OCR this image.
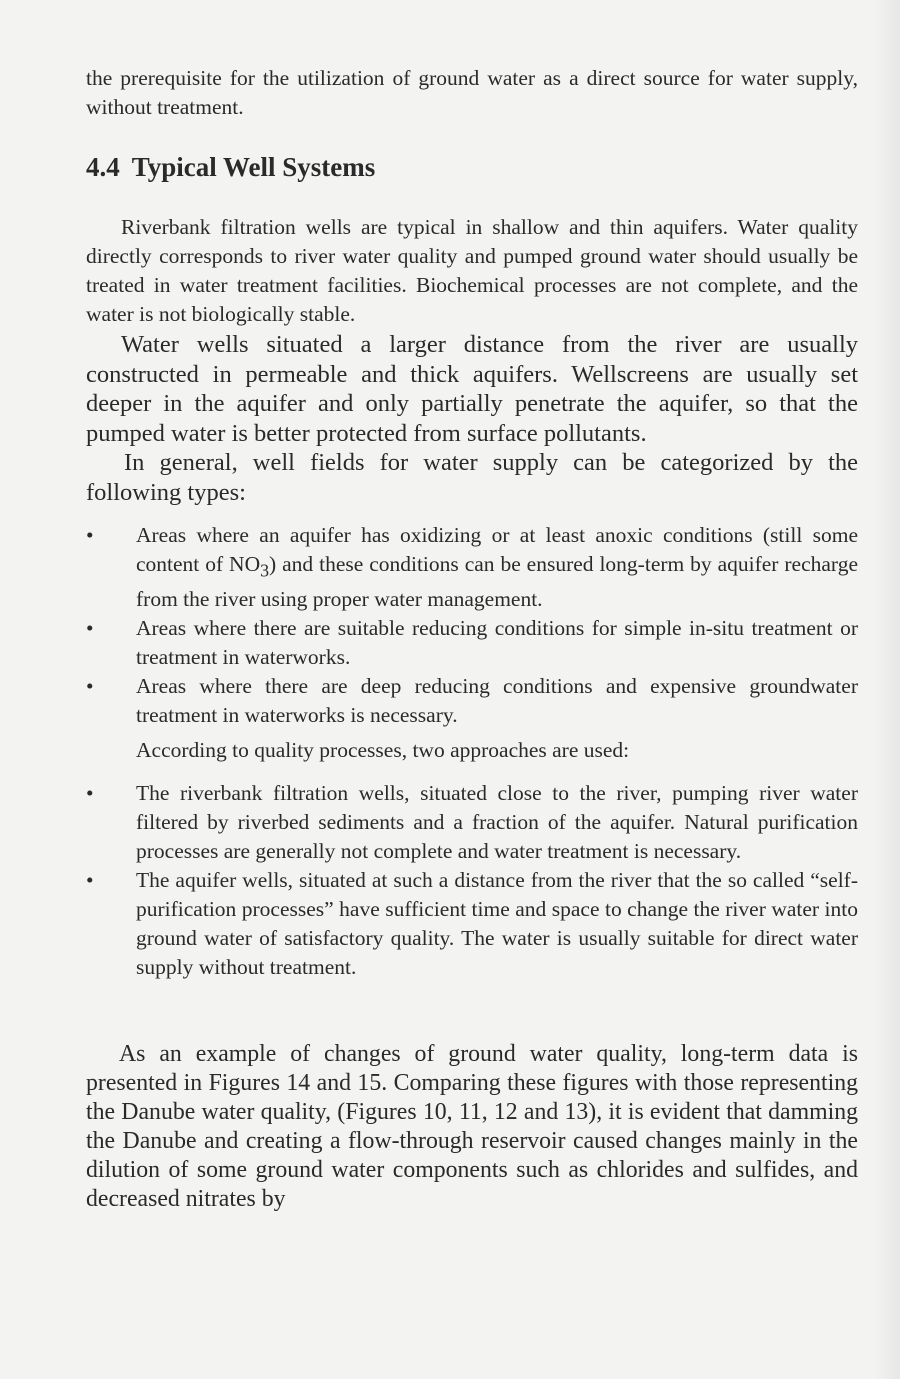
the prerequisite for the utilization of ground water as a direct source for water supply, without treatment.

4.4 Typical Well Systems

Riverbank filtration wells are typical in shallow and thin aquifers. Water quality directly corresponds to river water quality and pumped ground water should usually be treated in water treatment facilities. Biochemical processes are not complete, and the water is not biologically stable.

Water wells situated a larger distance from the river are usually constructed in permeable and thick aquifers. Wellscreens are usually set deeper in the aquifer and only partially penetrate the aquifer, so that the pumped water is better protected from surface pollutants.

In general, well fields for water supply can be categorized by the following types:

• Areas where an aquifer has oxidizing or at least anoxic conditions (still some content of $NO_3$) and these conditions can be ensured long-term by aquifer recharge from the river using proper water management.

• Areas where there are suitable reducing conditions for simple in-situ treatment or treatment in waterworks.

• Areas where there are deep reducing conditions and expensive groundwater treatment in waterworks is necessary.

According to quality processes, two approaches are used:

• The riverbank filtration wells, situated close to the river, pumping river water filtered by riverbed sediments and a fraction of the aquifer. Natural purification processes are generally not complete and water treatment is necessary.

• The aquifer wells, situated at such a distance from the river that the so called “self-purification processes” have sufficient time and space to change the river water into ground water of satisfactory quality. The water is usually suitable for direct water supply without treatment.

As an example of changes of ground water quality, long-term data is presented in Figures 14 and 15. Comparing these figures with those representing the Danube water quality, (Figures 10, 11, 12 and 13), it is evident that damming the Danube and creating a flow-through reservoir caused changes mainly in the dilution of some ground water components such as chlorides and sulfides, and decreased nitrates by
